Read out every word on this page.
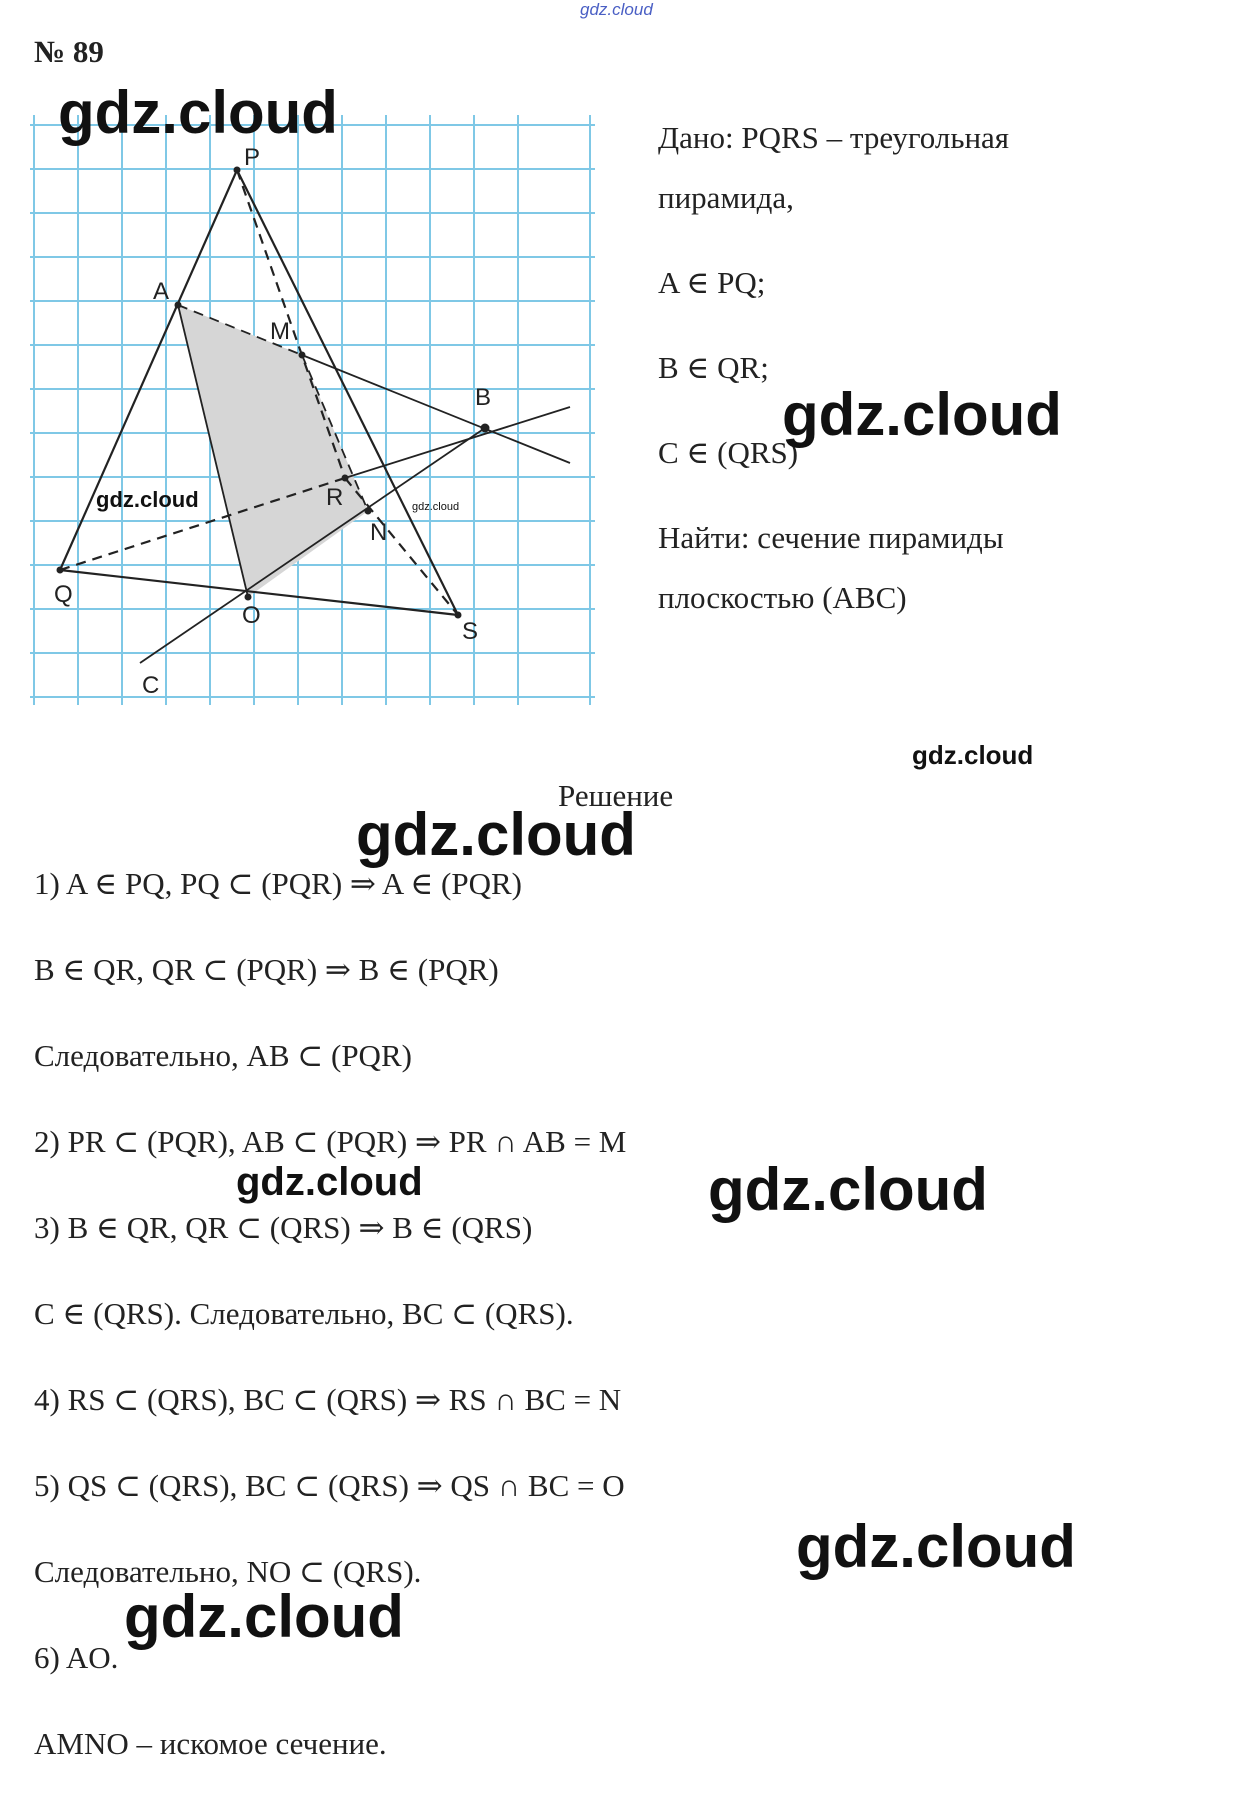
gdz.cloud
№ 89
P
A
M
B
R
N
Q
O
S
C
gdz.cloud	gdz.cloud

Дано: PQRS – треугольная

пирамида,

A ∈ PQ;

B ∈ QR;

C ∈ (QRS)

Найти: сечение пирамиды

плоскостью (ABC)

Решение

1) A ∈ PQ, PQ ⊂ (PQR) ⇒ A ∈ (PQR)

B ∈ QR, QR ⊂ (PQR) ⇒ B ∈ (PQR)

Следовательно, AB ⊂ (PQR)

2) PR ⊂ (PQR), AB ⊂ (PQR) ⇒ PR ∩ AB = M

3) B ∈ QR, QR ⊂ (QRS) ⇒ B ∈ (QRS)

C ∈ (QRS). Следовательно, BC ⊂ (QRS).

4) RS ⊂ (QRS), BC ⊂ (QRS) ⇒ RS ∩ BC = N

5) QS ⊂ (QRS), BC ⊂ (QRS) ⇒ QS ∩ BC = O

Следовательно, NO ⊂ (QRS).

6) AO.

AMNO – искомое сечение.

gdz.cloud
gdz.cloud
gdz.cloud
gdz.cloud
gdz.cloud	gdz.cloud
gdz.cloud
gdz.cloud
